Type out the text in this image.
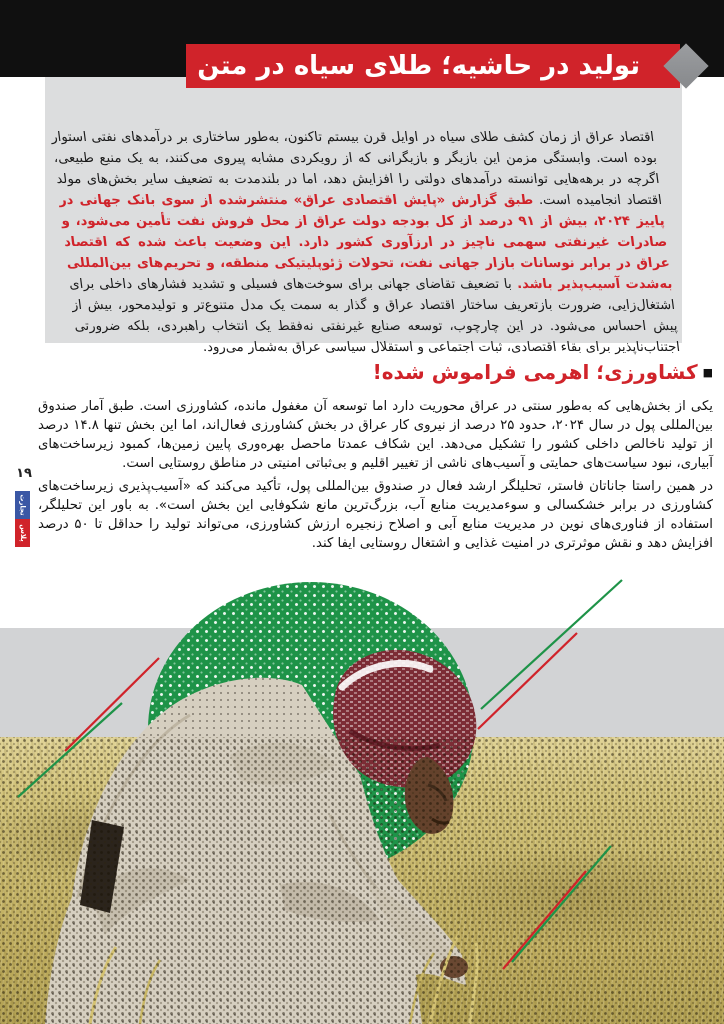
تولید در حاشیه؛ طلای سیاه در متن
اقتصاد عراق از زمان کشف طلای سیاه در اوایل قرن بیستم تاکنون، به‌طور ساختاری بر درآمدهای نفتی استوار بوده است. وابستگی مزمن این بازیگر و بازیگرانی که از رویکردی مشابه پیروی می‌کنند، به یک منبع طبیعی، اگرچه در برهه‌هایی توانسته درآمدهای دولتی را افزایش دهد، اما در بلندمدت به تضعیف سایر بخش‌های مولد اقتصاد انجامیده است. طبق گزارش «پایش اقتصادی عراق» منتشرشده از سوی بانک جهانی در پاییز ۲۰۲۴، بیش از ۹۱ درصد از کل بودجه دولت عراق از محل فروش نفت تأمین می‌شود، و صادرات غیرنفتی سهمی ناچیز در ارزآوری کشور دارد. این وضعیت باعث شده که اقتصاد عراق در برابر نوسانات بازار جهانی نفت، تحولات ژئوپلیتیکی منطقه، و تحریم‌های بین‌المللی به‌شدت آسیب‌پذیر باشد. با تضعیف تقاضای جهانی برای سوخت‌های فسیلی و تشدید فشارهای داخلی برای اشتغال‌زایی، ضرورت بازتعریف ساختار اقتصاد عراق و گذار به سمت یک مدل متنوع‌تر و تولیدمحور، بیش از پیش احساس می‌شود. در این چارچوب، توسعه صنایع غیرنفتی نه‌فقط یک انتخاب راهبردی، بلکه ضرورتی اجتناب‌ناپذیر برای بقاء اقتصادی، ثبات اجتماعی و استقلال سیاسی عراق به‌شمار می‌رود.
■
کشاورزی؛ اهرمی فراموش شده!

یکی از بخش‌هایی که به‌طور سنتی در عراق محوریت دارد اما توسعه آن مغفول مانده، کشاورزی است. طبق آمار صندوق بین‌المللی پول در سال ۲۰۲۴، حدود ۲۵ درصد از نیروی کار عراق در بخش کشاورزی فعال‌اند، اما این بخش تنها ۱۴.۸ درصد از تولید ناخالص داخلی کشور را تشکیل می‌دهد. این شکاف عمدتا ماحصل بهره‌وری پایین زمین‌ها، کمبود زیرساخت‌های آبیاری، نبود سیاست‌های حمایتی و آسیب‌های ناشی از تغییر اقلیم و بی‌ثباتی امنیتی در مناطق روستایی است.

در همین راستا جاناتان فاستر، تحلیلگر ارشد فعال در صندوق بین‌المللی پول، تأکید می‌کند که «آسیب‌پذیری زیرساخت‌های کشاورزی در برابر خشکسالی و سوءمدیریت منابع آب، بزرگ‌ترین مانع شکوفایی این بخش است». به باور این تحلیلگر، استفاده از فناوری‌های نوین در مدیریت منابع آبی و اصلاح زنجیره ارزش کشاورزی، می‌تواند تولید را حداقل تا ۵۰ درصد افزایش دهد و نقش موثرتری در امنیت غذایی و اشتغال روستایی ایفا کند.

۱۹
تجارت
پلاس
